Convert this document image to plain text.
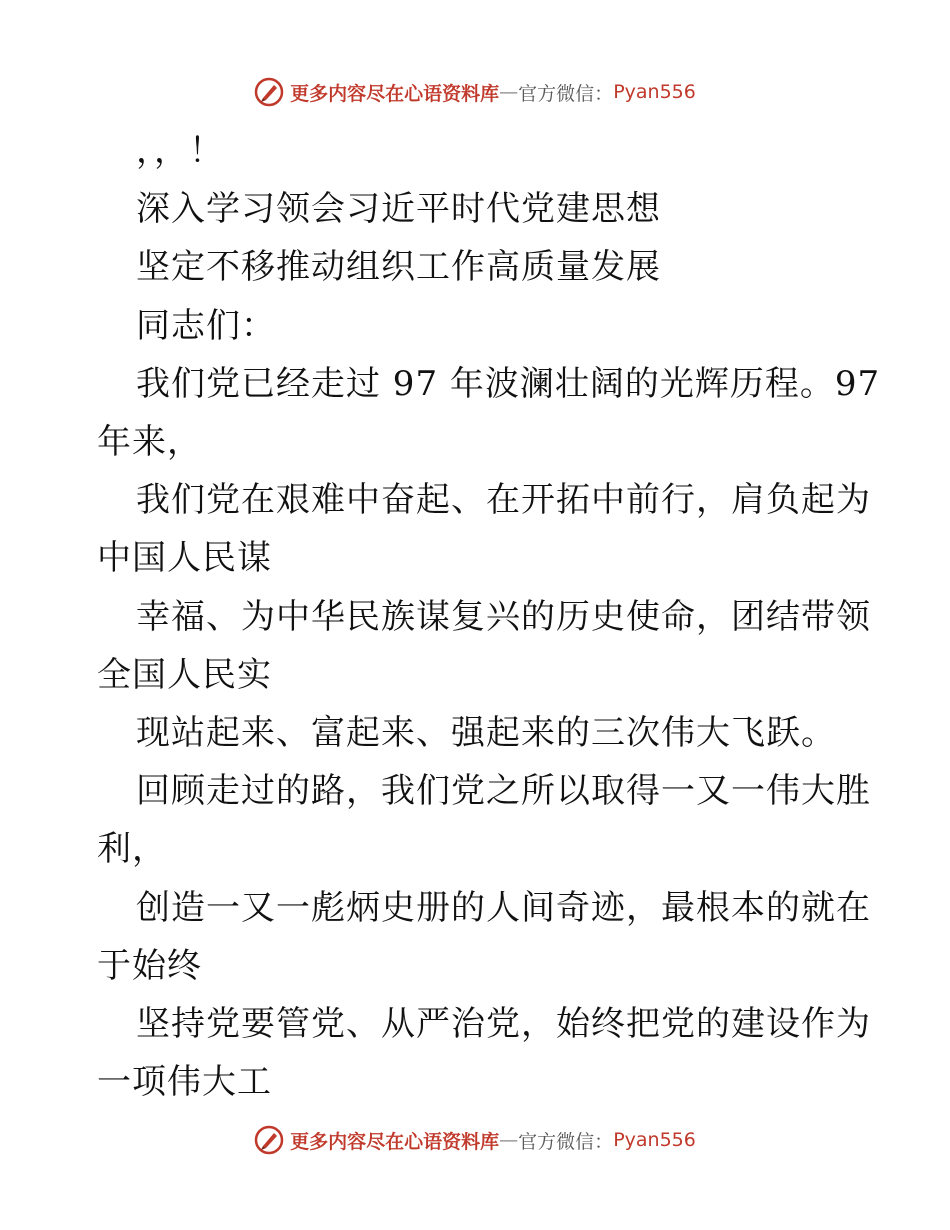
更多内容尽在心语资料库 — 官方微信： Pyan556
，，！
深入学习领会习近平时代党建思想
坚定不移推动组织工作高质量发展
同志们：
我们党已经走过 97 年波澜壮阔的光辉历程。97
年来，
我们党在艰难中奋起、在开拓中前行，肩负起为
中国人民谋
幸福、为中华民族谋复兴的历史使命，团结带领
全国人民实
现站起来、富起来、强起来的三次伟大飞跃。
回顾走过的路，我们党之所以取得一又一伟大胜
利，
创造一又一彪炳史册的人间奇迹，最根本的就在
于始终
坚持党要管党、从严治党，始终把党的建设作为
一项伟大工
更多内容尽在心语资料库 — 官方微信： Pyan556
